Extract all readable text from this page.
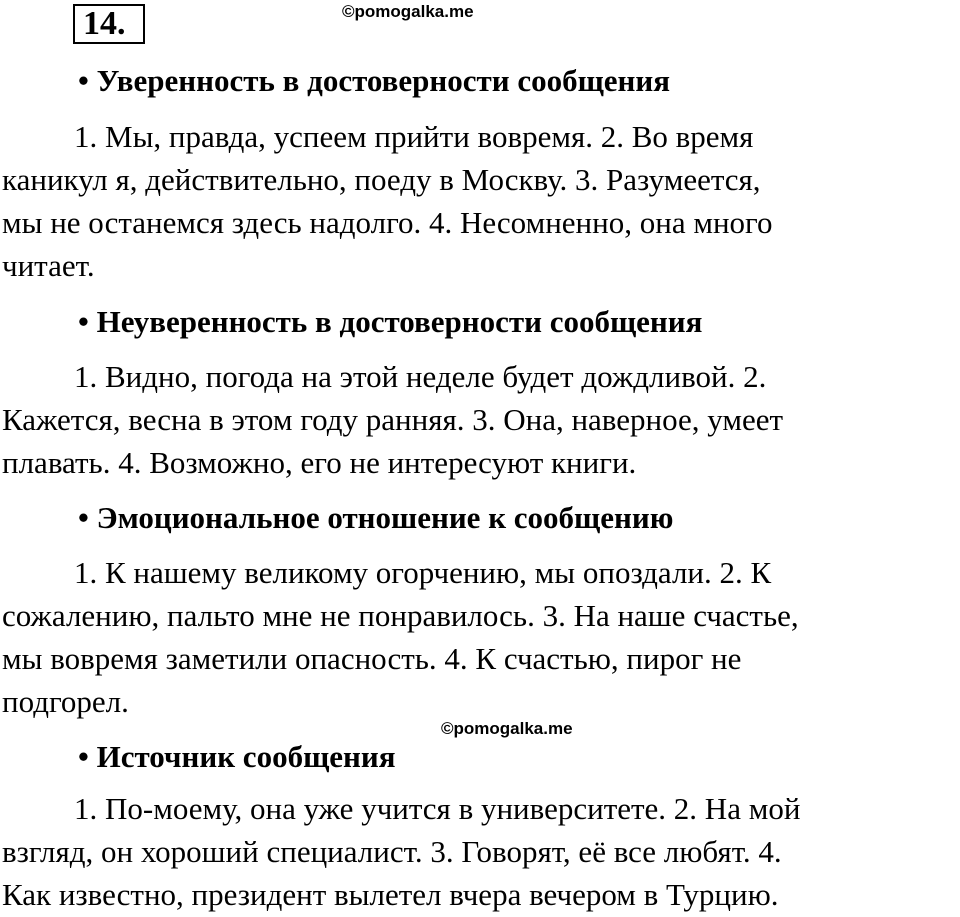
14.	©pomogalka.me
• Уверенность в достоверности сообщения
1. Мы, правда, успеем прийти вовремя. 2. Во время
каникул я, действительно, поеду в Москву. 3. Разумеется,
мы не останемся здесь надолго. 4. Несомненно, она много
читает.
• Неуверенность в достоверности сообщения
1. Видно, погода на этой неделе будет дождливой. 2.
Кажется, весна в этом году ранняя. 3. Она, наверное, умеет
плавать. 4. Возможно, его не интересуют книги.
• Эмоциональное отношение к сообщению
1. К нашему великому огорчению, мы опоздали. 2. К
сожалению, пальто мне не понравилось. 3. На наше счастье,
мы вовремя заметили опасность. 4. К счастью, пирог не
подгорел.
©pomogalka.me
• Источник сообщения
1. По-моему, она уже учится в университете. 2. На мой
взгляд, он хороший специалист. 3. Говорят, её все любят. 4.
Как известно, президент вылетел вчера вечером в Турцию.
